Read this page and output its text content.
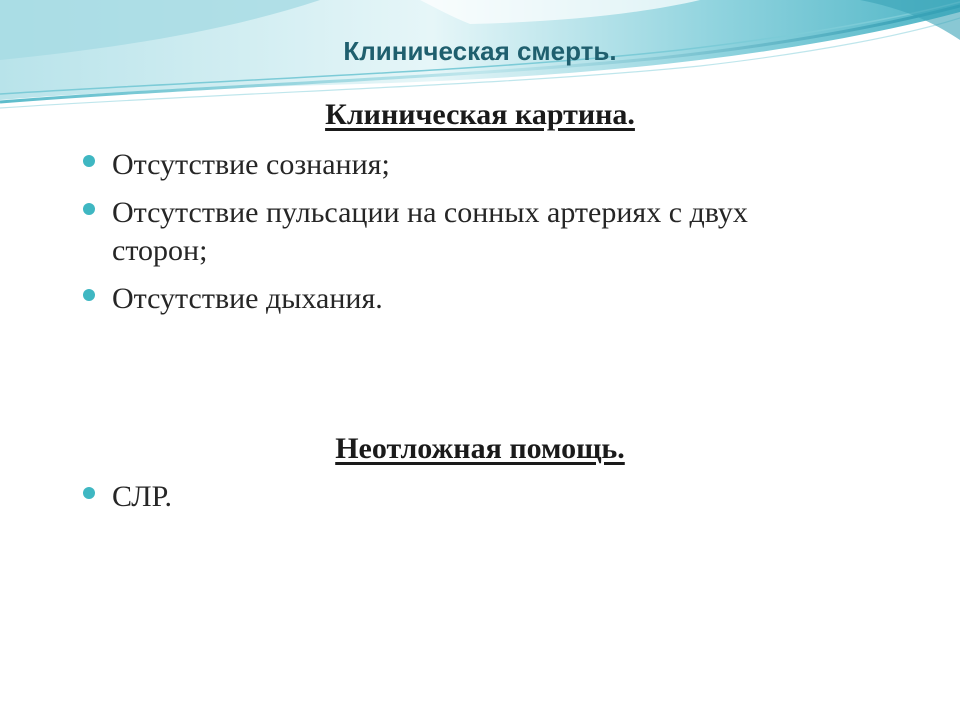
Клиническая смерть.
Клиническая картина.
Отсутствие сознания;
Отсутствие пульсации на сонных артериях с двух сторон;
Отсутствие дыхания.
Неотложная помощь.
СЛР.
